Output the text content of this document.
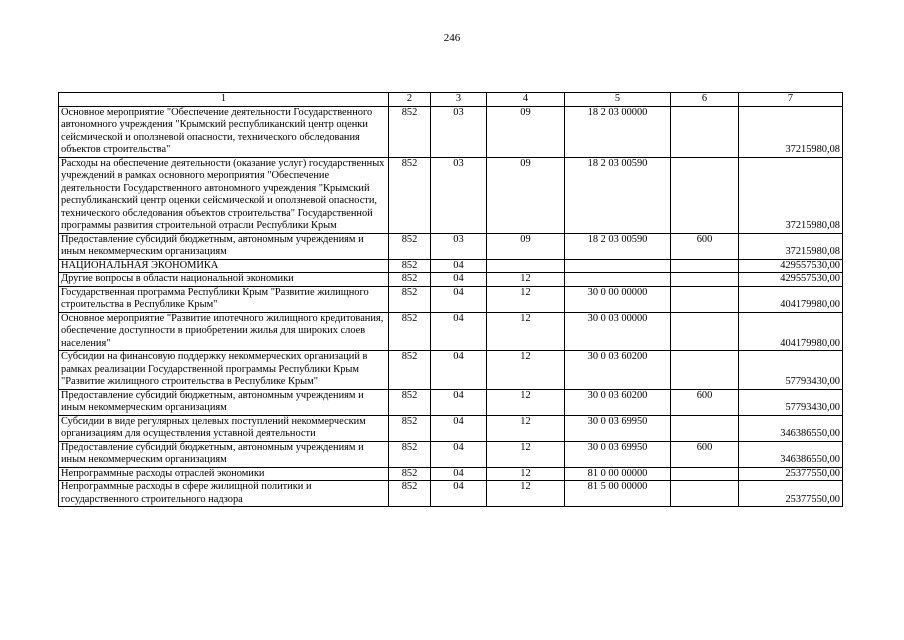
246
1	2	3	4	5	6	7
Основное мероприятие "Обеспечение деятельности Государственного автономного учреждения "Крымский республиканский центр оценки сейсмической и оползневой опасности, технического обследования объектов строительства"	852	03	09	18 2 03 00000		37215980,08
Расходы на обеспечение деятельности (оказание услуг) государственных учреждений в рамках основного мероприятия "Обеспечение деятельности Государственного автономного учреждения "Крымский республиканский центр оценки сейсмической и оползневой опасности, технического обследования объектов строительства" Государственной программы развития строительной отрасли Республики Крым	852	03	09	18 2 03 00590		37215980,08
Предоставление субсидий бюджетным, автономным учреждениям и иным некоммерческим организациям	852	03	09	18 2 03 00590	600	37215980,08
НАЦИОНАЛЬНАЯ ЭКОНОМИКА	852	04				429557530,00
Другие вопросы в области национальной экономики	852	04	12			429557530,00
Государственная программа Республики Крым "Развитие жилищного строительства в Республике Крым"	852	04	12	30 0 00 00000		404179980,00
Основное мероприятие "Развитие ипотечного жилищного кредитования, обеспечение доступности в приобретении жилья для широких слоев населения"	852	04	12	30 0 03 00000		404179980,00
Субсидии на финансовую поддержку некоммерческих организаций в рамках реализации Государственной программы Республики Крым "Развитие жилищного строительства в Республике Крым"	852	04	12	30 0 03 60200		57793430,00
Предоставление субсидий бюджетным, автономным учреждениям и иным некоммерческим организациям	852	04	12	30 0 03 60200	600	57793430,00
Субсидии в виде регулярных целевых поступлений некоммерческим организациям для осуществления уставной деятельности	852	04	12	30 0 03 69950		346386550,00
Предоставление субсидий бюджетным, автономным учреждениям и иным некоммерческим организациям	852	04	12	30 0 03 69950	600	346386550,00
Непрограммные расходы отраслей экономики	852	04	12	81 0 00 00000		25377550,00
Непрограммные расходы в сфере жилищной политики и государственного строительного надзора	852	04	12	81 5 00 00000		25377550,00
